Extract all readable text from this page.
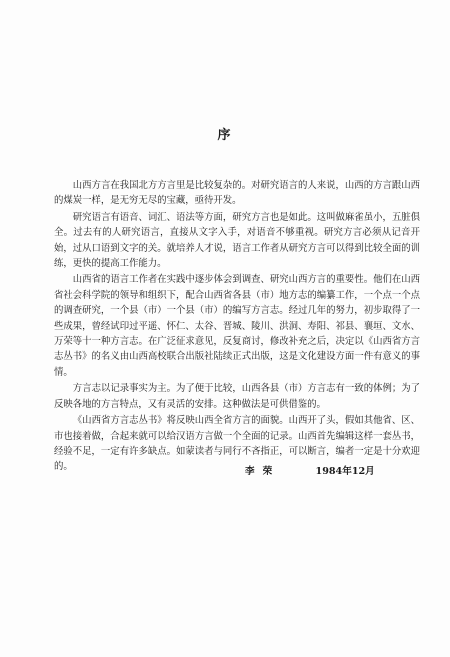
序

山西方言在我国北方方言里是比较复杂的。对研究语言的人来说，山西的方言跟山西的煤炭一样，是无穷无尽的宝藏，亟待开发。

研究语言有语音、词汇、语法等方面，研究方言也是如此。这叫做麻雀虽小，五脏俱全。过去有的人研究语言，直接从文字入手，对语音不够重视。研究方言必须从记音开始，过从口语到文字的关。就培养人才说，语言工作者从研究方言可以得到比较全面的训练，更快的提高工作能力。

山西省的语言工作者在实践中逐步体会到调查、研究山西方言的重要性。他们在山西省社会科学院的领导和组织下，配合山西省各县（市）地方志的编纂工作，一个点一个点的调查研究，一个县（市）一个县（市）的编写方言志。经过几年的努力，初步取得了一些成果，曾经试印过平遥、怀仁、太谷、晋城、陵川、洪洞、寿阳、祁县、襄垣、文水、万荣等十一种方言志。在广泛征求意见，反复商讨，修改补充之后，决定以《山西省方言志丛书》的名义由山西高校联合出版社陆续正式出版，这是文化建设方面一件有意义的事情。

方言志以记录事实为主。为了便于比较，山西各县（市）方言志有一致的体例；为了反映各地的方言特点，又有灵活的安排。这种做法是可供借鉴的。

《山西省方言志丛书》将反映山西全省方言的面貌。山西开了头，假如其他省、区、市也接着做，合起来就可以给汉语方言做一个全面的记录。山西首先编辑这样一套丛书，经验不足，一定有许多缺点。如蒙读者与同行不吝指正，可以断言，编者一定是十分欢迎的。	李荣	1984年12月
